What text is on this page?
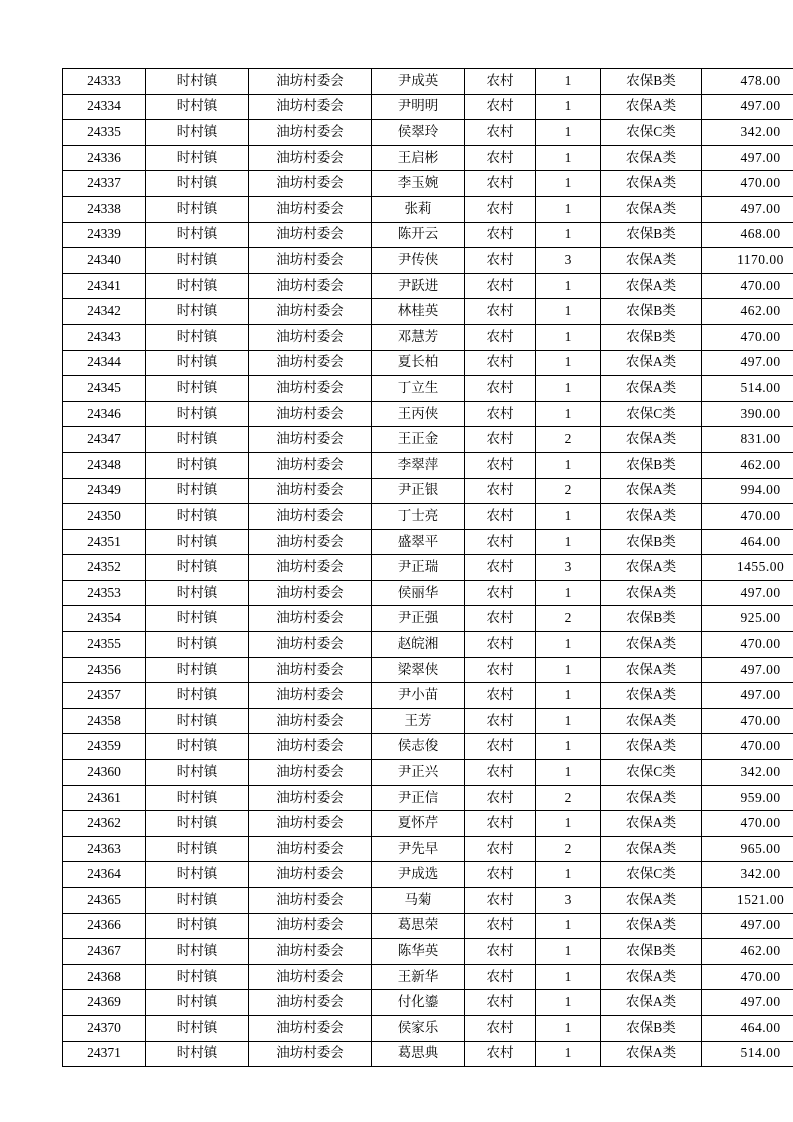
24333	时村镇	油坊村委会	尹成英	农村	1	农保B类	478.00
24334	时村镇	油坊村委会	尹明明	农村	1	农保A类	497.00
24335	时村镇	油坊村委会	侯翠玲	农村	1	农保C类	342.00
24336	时村镇	油坊村委会	王启彬	农村	1	农保A类	497.00
24337	时村镇	油坊村委会	李玉婉	农村	1	农保A类	470.00
24338	时村镇	油坊村委会	张莉	农村	1	农保A类	497.00
24339	时村镇	油坊村委会	陈开云	农村	1	农保B类	468.00
24340	时村镇	油坊村委会	尹传侠	农村	3	农保A类	1170.00
24341	时村镇	油坊村委会	尹跃进	农村	1	农保A类	470.00
24342	时村镇	油坊村委会	林桂英	农村	1	农保B类	462.00
24343	时村镇	油坊村委会	邓慧芳	农村	1	农保B类	470.00
24344	时村镇	油坊村委会	夏长柏	农村	1	农保A类	497.00
24345	时村镇	油坊村委会	丁立生	农村	1	农保A类	514.00
24346	时村镇	油坊村委会	王丙侠	农村	1	农保C类	390.00
24347	时村镇	油坊村委会	王正金	农村	2	农保A类	831.00
24348	时村镇	油坊村委会	李翠萍	农村	1	农保B类	462.00
24349	时村镇	油坊村委会	尹正银	农村	2	农保A类	994.00
24350	时村镇	油坊村委会	丁士亮	农村	1	农保A类	470.00
24351	时村镇	油坊村委会	盛翠平	农村	1	农保B类	464.00
24352	时村镇	油坊村委会	尹正瑞	农村	3	农保A类	1455.00
24353	时村镇	油坊村委会	侯丽华	农村	1	农保A类	497.00
24354	时村镇	油坊村委会	尹正强	农村	2	农保B类	925.00
24355	时村镇	油坊村委会	赵皖湘	农村	1	农保A类	470.00
24356	时村镇	油坊村委会	梁翠侠	农村	1	农保A类	497.00
24357	时村镇	油坊村委会	尹小苗	农村	1	农保A类	497.00
24358	时村镇	油坊村委会	王芳	农村	1	农保A类	470.00
24359	时村镇	油坊村委会	侯志俊	农村	1	农保A类	470.00
24360	时村镇	油坊村委会	尹正兴	农村	1	农保C类	342.00
24361	时村镇	油坊村委会	尹正信	农村	2	农保A类	959.00
24362	时村镇	油坊村委会	夏怀芹	农村	1	农保A类	470.00
24363	时村镇	油坊村委会	尹先早	农村	2	农保A类	965.00
24364	时村镇	油坊村委会	尹成选	农村	1	农保C类	342.00
24365	时村镇	油坊村委会	马菊	农村	3	农保A类	1521.00
24366	时村镇	油坊村委会	葛思荣	农村	1	农保A类	497.00
24367	时村镇	油坊村委会	陈华英	农村	1	农保B类	462.00
24368	时村镇	油坊村委会	王新华	农村	1	农保A类	470.00
24369	时村镇	油坊村委会	付化鎏	农村	1	农保A类	497.00
24370	时村镇	油坊村委会	侯家乐	农村	1	农保B类	464.00
24371	时村镇	油坊村委会	葛思典	农村	1	农保A类	514.00
